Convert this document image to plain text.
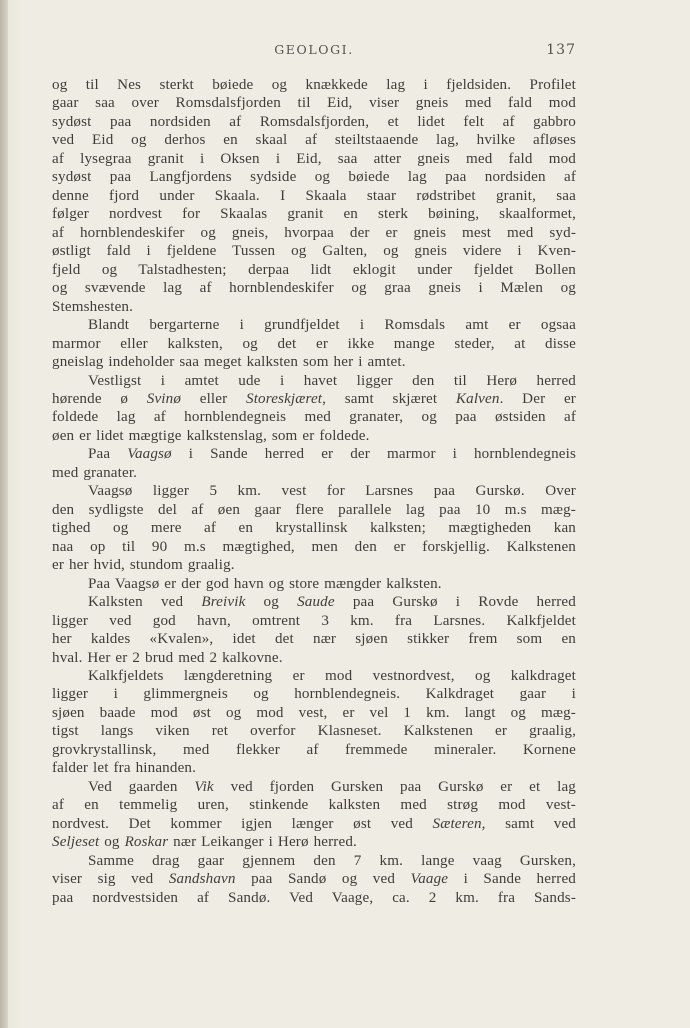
GEOLOGI.	137
og til Nes sterkt bøiede og knækkede lag i fjeldsiden. Profilet
gaar saa over Romsdalsfjorden til Eid, viser gneis med fald mod
sydøst paa nordsiden af Romsdalsfjorden, et lidet felt af gabbro
ved Eid og derhos en skaal af steiltstaaende lag, hvilke afløses
af lysegraa granit i Oksen i Eid, saa atter gneis med fald mod
sydøst paa Langfjordens sydside og bøiede lag paa nordsiden af
denne fjord under Skaala. I Skaala staar rødstribet granit, saa
følger nordvest for Skaalas granit en sterk bøining, skaalformet,
af hornblendeskifer og gneis, hvorpaa der er gneis mest med syd-
østligt fald i fjeldene Tussen og Galten, og gneis videre i Kven-
fjeld og Talstadhesten; derpaa lidt eklogit under fjeldet Bollen
og svævende lag af hornblendeskifer og graa gneis i Mælen og
Stemshesten.
Blandt bergarterne i grundfjeldet i Romsdals amt er ogsaa
marmor eller kalksten, og det er ikke mange steder, at disse
gneislag indeholder saa meget kalksten som her i amtet.
Vestligst i amtet ude i havet ligger den til Herø herred
hørende ø Svinø eller Storeskjæret, samt skjæret Kalven. Der er
foldede lag af hornblendegneis med granater, og paa østsiden af
øen er lidet mægtige kalkstenslag, som er foldede.
Paa Vaagsø i Sande herred er der marmor i hornblendegneis
med granater.
Vaagsø ligger 5 km. vest for Larsnes paa Gurskø. Over
den sydligste del af øen gaar flere parallele lag paa 10 m.s mæg-
tighed og mere af en krystallinsk kalksten; mægtigheden kan
naa op til 90 m.s mægtighed, men den er forskjellig. Kalkstenen
er her hvid, stundom graalig.
Paa Vaagsø er der god havn og store mængder kalksten.
Kalksten ved Breivik og Saude paa Gurskø i Rovde herred
ligger ved god havn, omtrent 3 km. fra Larsnes. Kalkfjeldet
her kaldes «Kvalen», idet det nær sjøen stikker frem som en
hval. Her er 2 brud med 2 kalkovne.
Kalkfjeldets længderetning er mod vestnordvest, og kalkdraget
ligger i glimmergneis og hornblendegneis. Kalkdraget gaar i
sjøen baade mod øst og mod vest, er vel 1 km. langt og mæg-
tigst langs viken ret overfor Klasneset. Kalkstenen er graalig,
grovkrystallinsk, med flekker af fremmede mineraler. Kornene
falder let fra hinanden.
Ved gaarden Vik ved fjorden Gursken paa Gurskø er et lag
af en temmelig uren, stinkende kalksten med strøg mod vest-
nordvest. Det kommer igjen længer øst ved Sæteren, samt ved
Seljeset og Roskar nær Leikanger i Herø herred.
Samme drag gaar gjennem den 7 km. lange vaag Gursken,
viser sig ved Sandshavn paa Sandø og ved Vaage i Sande herred
paa nordvestsiden af Sandø. Ved Vaage, ca. 2 km. fra Sands-
